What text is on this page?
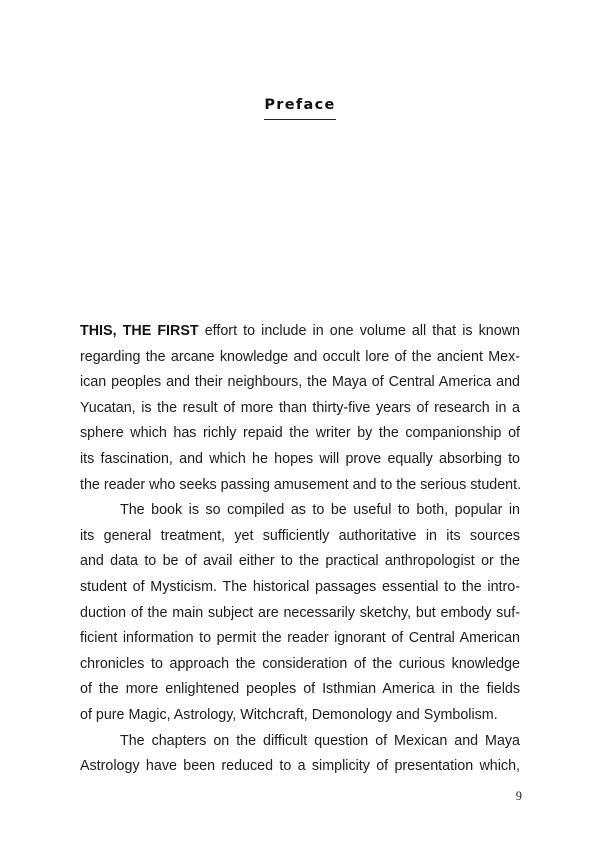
Preface
THIS, THE FIRST effort to include in one volume all that is known
regarding the arcane knowledge and occult lore of the ancient Mex-
ican peoples and their neighbours, the Maya of Central America and
Yucatan, is the result of more than thirty-five years of research in a
sphere which has richly repaid the writer by the companionship of
its fascination, and which he hopes will prove equally absorbing to
the reader who seeks passing amusement and to the serious student.
The book is so compiled as to be useful to both, popular in
its general treatment, yet sufficiently authoritative in its sources
and data to be of avail either to the practical anthropologist or the
student of Mysticism. The historical passages essential to the intro-
duction of the main subject are necessarily sketchy, but embody suf-
ficient information to permit the reader ignorant of Central American
chronicles to approach the consideration of the curious knowledge
of the more enlightened peoples of Isthmian America in the fields
of pure Magic, Astrology, Witchcraft, Demonology and Symbolism.
The chapters on the difficult question of Mexican and Maya
Astrology have been reduced to a simplicity of presentation which,
9
